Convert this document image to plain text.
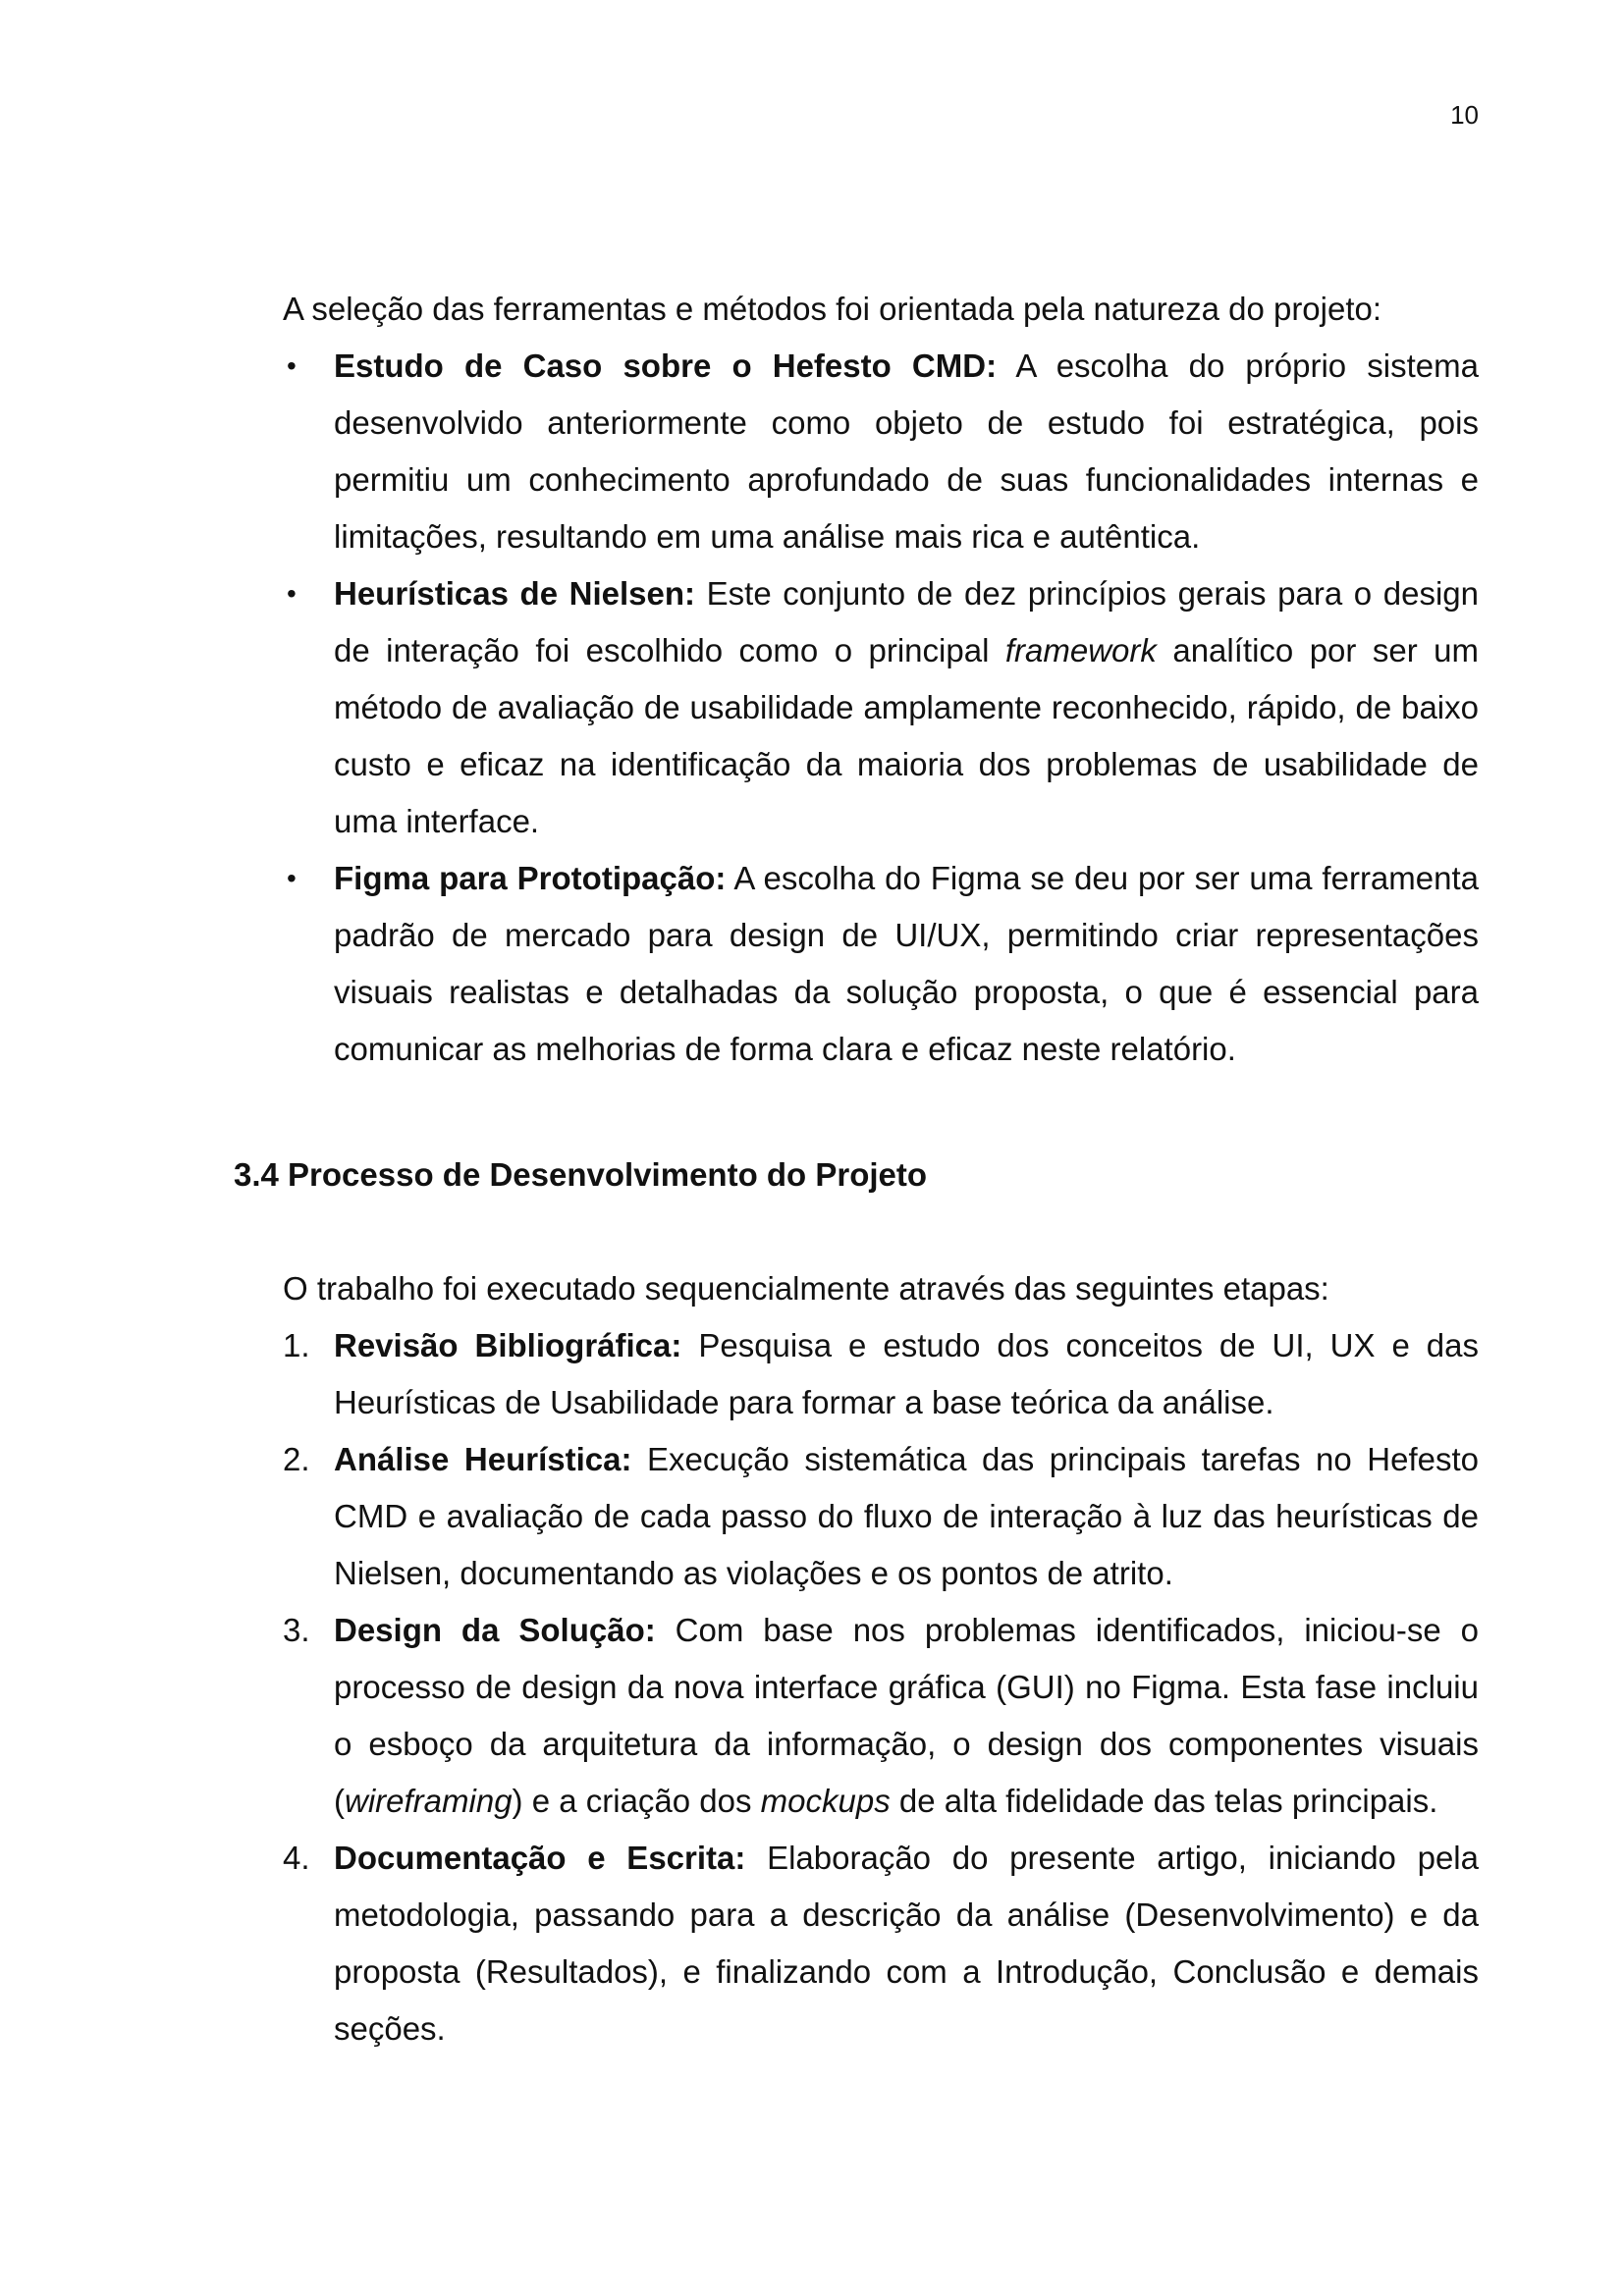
10
A seleção das ferramentas e métodos foi orientada pela natureza do projeto:
• Estudo de Caso sobre o Hefesto CMD: A escolha do próprio sistema desenvolvido anteriormente como objeto de estudo foi estratégica, pois permitiu um conhecimento aprofundado de suas funcionalidades internas e limitações, resultando em uma análise mais rica e autêntica.
• Heurísticas de Nielsen: Este conjunto de dez princípios gerais para o design de interação foi escolhido como o principal framework analítico por ser um método de avaliação de usabilidade amplamente reconhecido, rápido, de baixo custo e eficaz na identificação da maioria dos problemas de usabilidade de uma interface.
• Figma para Prototipação: A escolha do Figma se deu por ser uma ferramenta padrão de mercado para design de UI/UX, permitindo criar representações visuais realistas e detalhadas da solução proposta, o que é essencial para comunicar as melhorias de forma clara e eficaz neste relatório.
3.4 Processo de Desenvolvimento do Projeto
O trabalho foi executado sequencialmente através das seguintes etapas:
1. Revisão Bibliográfica: Pesquisa e estudo dos conceitos de UI, UX e das Heurísticas de Usabilidade para formar a base teórica da análise.
2. Análise Heurística: Execução sistemática das principais tarefas no Hefesto CMD e avaliação de cada passo do fluxo de interação à luz das heurísticas de Nielsen, documentando as violações e os pontos de atrito.
3. Design da Solução: Com base nos problemas identificados, iniciou-se o processo de design da nova interface gráfica (GUI) no Figma. Esta fase incluiu o esboço da arquitetura da informação, o design dos componentes visuais (wireframing) e a criação dos mockups de alta fidelidade das telas principais.
4. Documentação e Escrita: Elaboração do presente artigo, iniciando pela metodologia, passando para a descrição da análise (Desenvolvimento) e da proposta (Resultados), e finalizando com a Introdução, Conclusão e demais seções.
